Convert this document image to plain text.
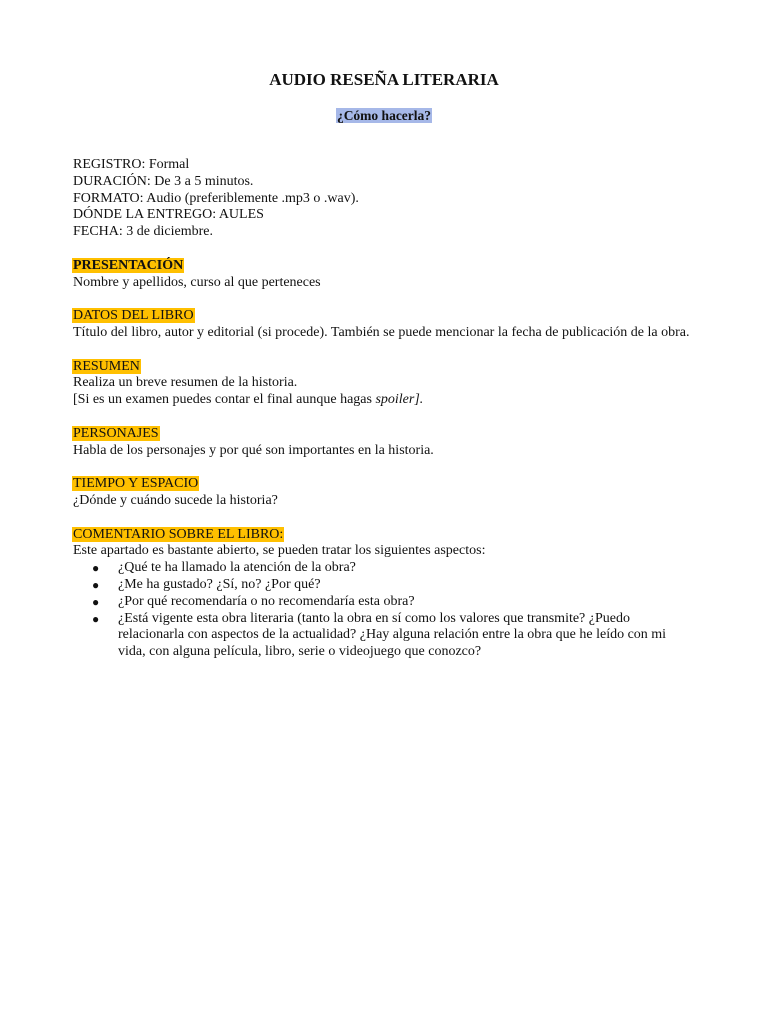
AUDIO RESEÑA LITERARIA
¿Cómo hacerla?

REGISTRO: Formal

DURACIÓN: De 3 a 5 minutos.

FORMATO: Audio (preferiblemente .mp3 o .wav).

DÓNDE LA ENTREGO: AULES

FECHA: 3 de diciembre.

PRESENTACIÓN

Nombre y apellidos, curso al que perteneces

DATOS DEL LIBRO

Título del libro, autor y editorial (si procede). También se puede mencionar la fecha de publicación de la obra.

RESUMEN

Realiza un breve resumen de la historia.

[Si es un examen puedes contar el final aunque hagas spoiler].

PERSONAJES

Habla de los personajes y por qué son importantes en la historia.

TIEMPO Y ESPACIO

¿Dónde y cuándo sucede la historia?

COMENTARIO SOBRE EL LIBRO:

Este apartado es bastante abierto, se pueden tratar los siguientes aspectos:

● ¿Qué te ha llamado la atención de la obra?
● ¿Me ha gustado? ¿Sí, no? ¿Por qué?
● ¿Por qué recomendaría o no recomendaría esta obra?
● ¿Está vigente esta obra literaria (tanto la obra en sí como los valores que transmite? ¿Puedo relacionarla con aspectos de la actualidad? ¿Hay alguna relación entre la obra que he leído con mi vida, con alguna película, libro, serie o videojuego que conozco?
